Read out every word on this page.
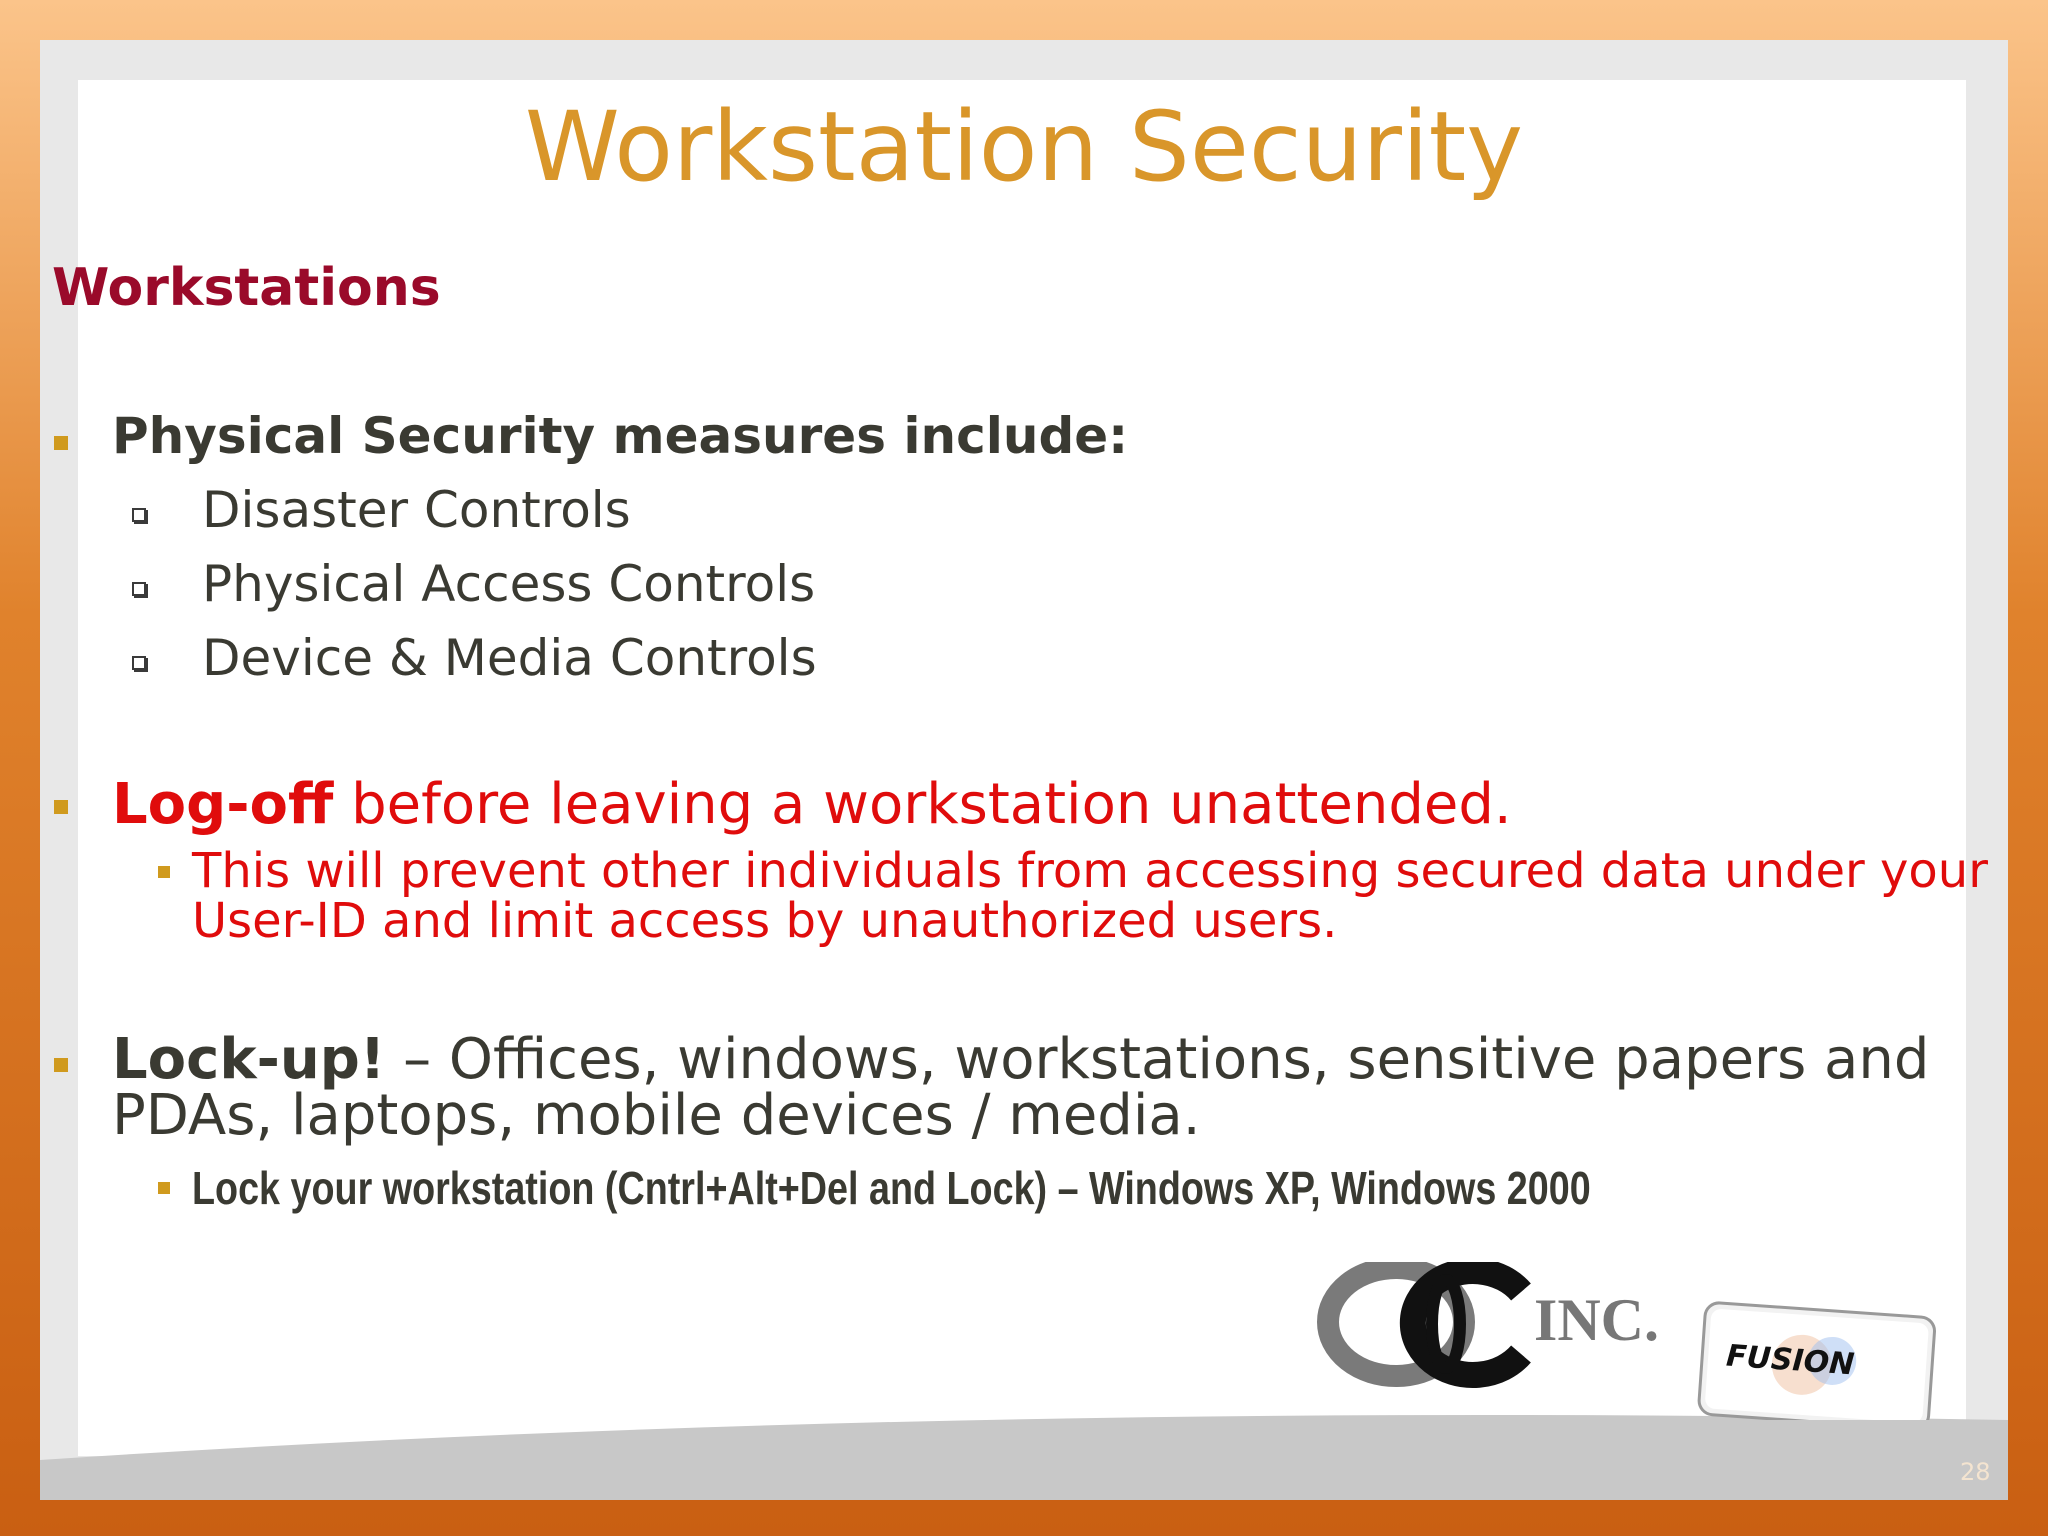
Workstation Security
Workstations
Physical Security measures include:
Disaster Controls
Physical Access Controls
Device & Media Controls
Log-off before leaving a workstation unattended.
This will prevent other individuals from accessing secured data under your User-ID and limit access by unauthorized users.
Lock-up! – Offices, windows, workstations, sensitive papers and PDAs, laptops, mobile devices / media.
Lock your workstation (Cntrl+Alt+Del and Lock) – Windows XP, Windows 2000
INC.
FUSION
28
